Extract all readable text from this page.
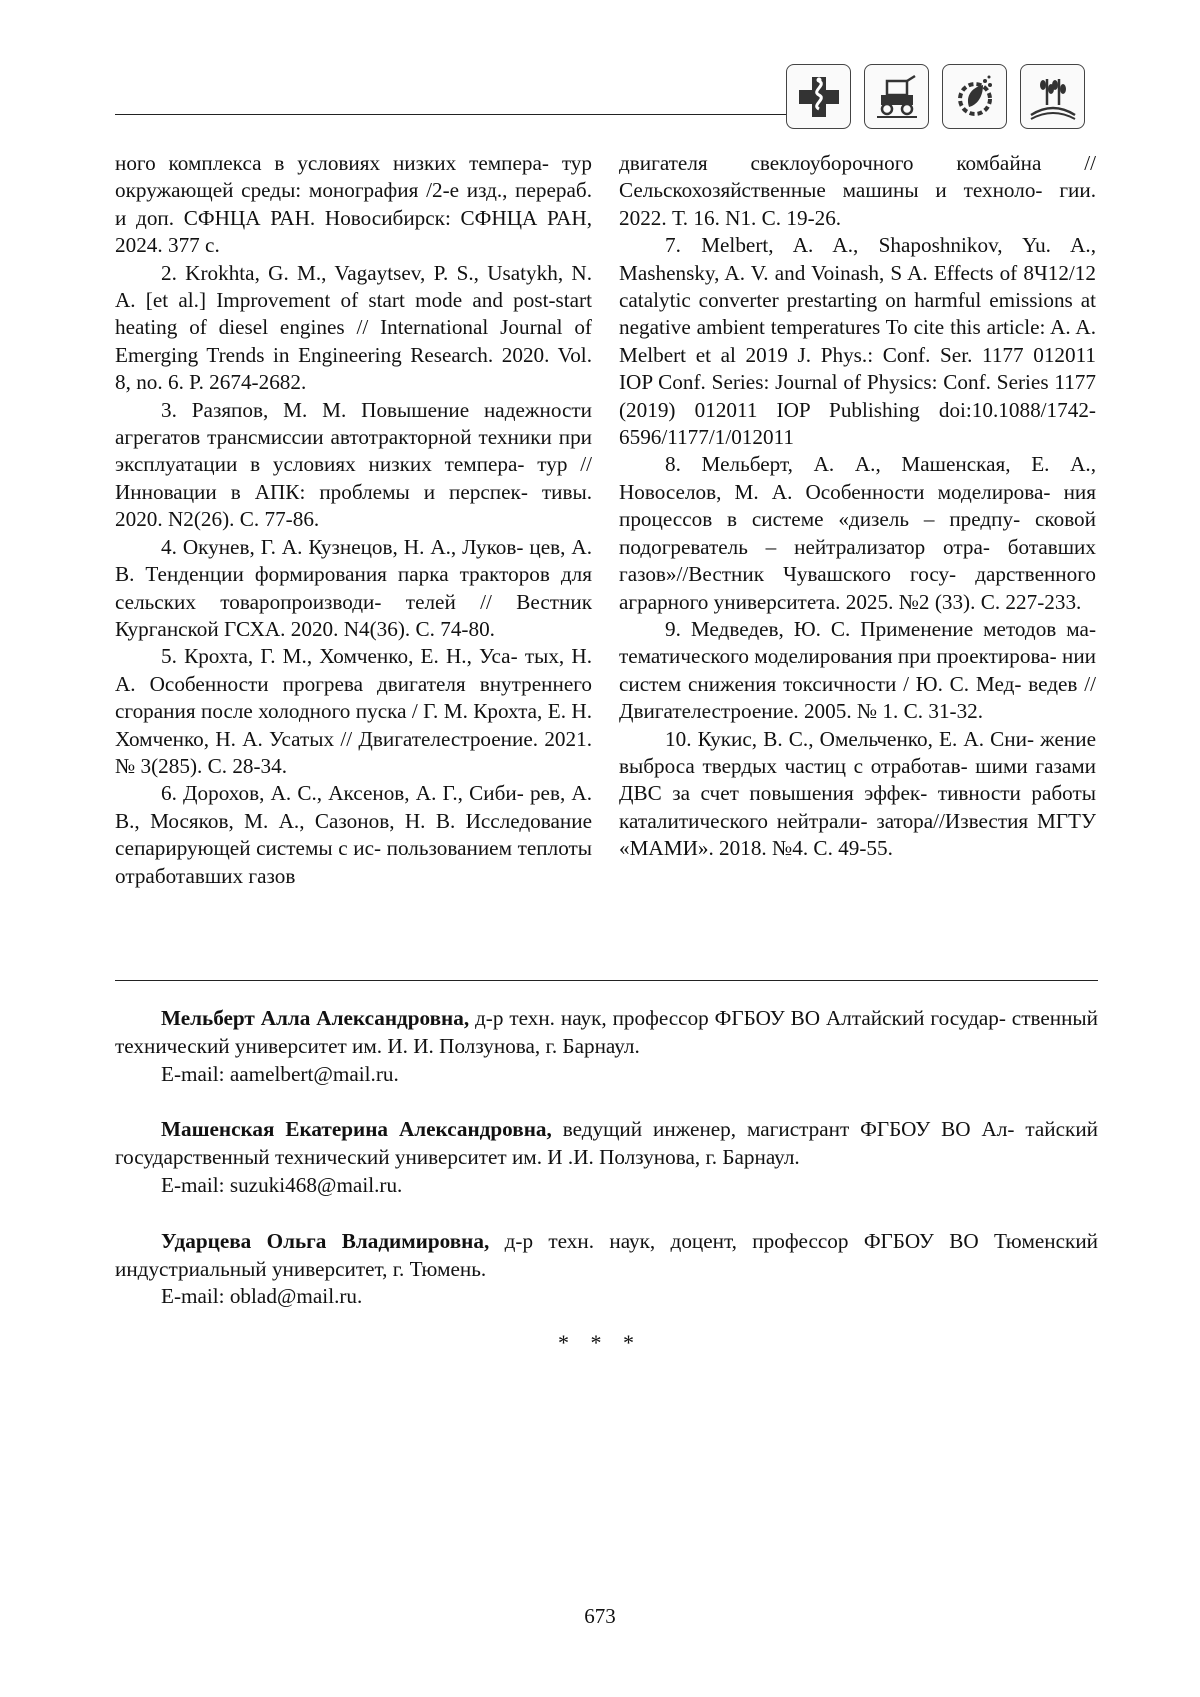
ного комплекса в условиях низких темпера- тур окружающей среды: монография /2-е изд., перераб. и доп. СФНЦА РАН. Новосибирск: СФНЦА РАН, 2024. 377 с.

2. Krokhta, G. M., Vagaytsev, P. S., Usatykh, N. A. [et al.] Improvement of start mode and post-start heating of diesel engines // International Journal of Emerging Trends in Engineering Research. 2020. Vol. 8, no. 6. P. 2674-2682.

3. Разяпов, М. М. Повышение надежности агрегатов трансмиссии автотракторной техники при эксплуатации в условиях низких темпера- тур //Инновации в АПК: проблемы и перспек- тивы. 2020. N2(26). С. 77-86.

4. Окунев, Г. А. Кузнецов, Н. А., Луков- цев, А. В. Тенденции формирования парка тракторов для сельских товаропроизводи- телей // Вестник Курганской ГСХА. 2020. N4(36). С. 74-80.

5. Крохта, Г. М., Хомченко, Е. Н., Уса- тых, Н. А. Особенности прогрева двигателя внутреннего сгорания после холодного пуска / Г. М. Крохта, Е. Н. Хомченко, Н. А. Усатых // Двигателестроение. 2021. № 3(285). С. 28-34.

6. Дорохов, А. С., Аксенов, А. Г., Сиби- рев, А. В., Мосяков, М. А., Сазонов, Н. В. Исследование сепарирующей системы с ис- пользованием теплоты отработавших газов

двигателя свеклоуборочного комбайна // Сельскохозяйственные машины и техноло- гии. 2022. Т. 16. N1. С. 19-26.

7. Melbert, A. A., Shaposhnikov, Yu. A., Mashensky, A. V. and Voinash, S A. Effects of 8Ч12/12 catalytic converter prestarting on harmful emissions at negative ambient temperatures To cite this article: A. A. Melbert et al 2019 J. Phys.: Conf. Ser. 1177 012011 IOP Conf. Series: Journal of Physics: Conf. Series 1177 (2019) 012011 IOP Publishing doi:10.1088/1742-6596/1177/1/012011

8. Мельберт, А. А., Машенская, Е. А., Новоселов, М. А. Особенности моделирова- ния процессов в системе «дизель – предпу- сковой подогреватель – нейтрализатор отра- ботавших газов»//Вестник Чувашского госу- дарственного аграрного университета. 2025. №2 (33). С. 227-233.

9. Медведев, Ю. С. Применение методов ма- тематического моделирования при проектирова- нии систем снижения токсичности / Ю. С. Мед- ведев //Двигателестроение. 2005. № 1. С. 31-32.

10. Кукис, В. С., Омельченко, Е. А. Сни- жение выброса твердых частиц с отработав- шими газами ДВС за счет повышения эффек- тивности работы каталитического нейтрали- затора//Известия МГТУ «МАМИ». 2018. №4. С. 49-55.

Мельберт Алла Александровна, д-р техн. наук, профессор ФГБОУ ВО Алтайский государ- ственный технический университет им. И. И. Ползунова, г. Барнаул.

E-mail: aamelbert@mail.ru.

Машенская Екатерина Александровна, ведущий инженер, магистрант ФГБОУ ВО Ал- тайский государственный технический университет им. И .И. Ползунова, г. Барнаул.

E-mail: suzuki468@mail.ru.

Ударцева Ольга Владимировна, д-р техн. наук, доцент, профессор ФГБОУ ВО Тюменский индустриальный университет, г. Тюмень.

E-mail: oblad@mail.ru.

* * *
673
